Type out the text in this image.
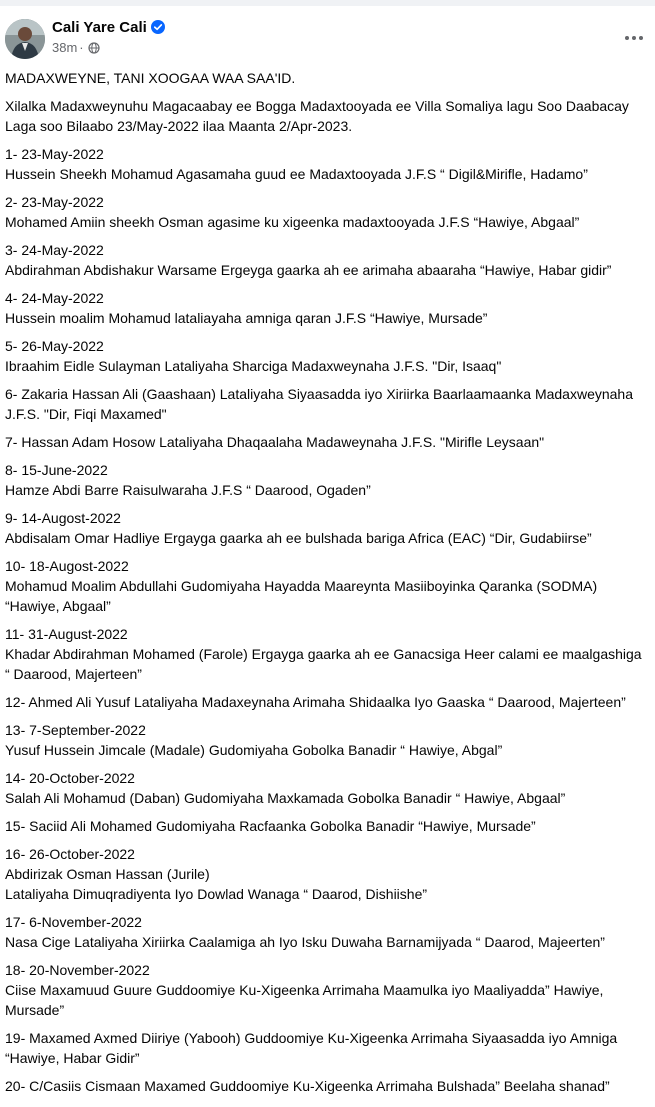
Cali Yare Cali
38m ·

MADAXWEYNE, TANI XOOGAA WAA SAA'ID.

Xilalka Madaxweynuhu Magacaabay ee Bogga Madaxtooyada ee Villa Somaliya lagu Soo Daabacay Laga soo Bilaabo 23/May-2022 ilaa Maanta 2/Apr-2023.

1- 23-May-2022
Hussein Sheekh Mohamud Agasamaha guud ee Madaxtooyada J.F.S “ Digil&Mirifle, Hadamo”

2- 23-May-2022
Mohamed Amiin sheekh Osman agasime ku xigeenka madaxtooyada J.F.S “Hawiye, Abgaal”

3- 24-May-2022
Abdirahman Abdishakur Warsame Ergeyga gaarka ah ee arimaha abaaraha “Hawiye, Habar gidir”

4- 24-May-2022
Hussein moalim Mohamud lataliayaha amniga qaran J.F.S “Hawiye, Mursade”

5- 26-May-2022
Ibraahim Eidle Sulayman Lataliyaha Sharciga Madaxweynaha J.F.S. "Dir, Isaaq"

6- Zakaria Hassan Ali (Gaashaan) Lataliyaha Siyaasadda iyo Xiriirka Baarlaamaanka Madaxweynaha J.F.S. "Dir, Fiqi Maxamed"

7- Hassan Adam Hosow Lataliyaha Dhaqaalaha Madaweynaha J.F.S. "Mirifle Leysaan"

8- 15-June-2022
Hamze Abdi Barre Raisulwaraha J.F.S “ Daarood, Ogaden”

9- 14-Augost-2022
Abdisalam Omar Hadliye Ergayga gaarka ah ee bulshada bariga Africa (EAC) “Dir, Gudabiirse”

10- 18-Augost-2022
Mohamud Moalim Abdullahi Gudomiyaha Hayadda Maareynta Masiiboyinka Qaranka (SODMA) “Hawiye, Abgaal”

11- 31-August-2022
Khadar Abdirahman Mohamed (Farole) Ergayga gaarka ah ee Ganacsiga Heer calami ee maalgashiga “ Daarood, Majerteen”

12- Ahmed Ali Yusuf Lataliyaha Madaxeynaha Arimaha Shidaalka Iyo Gaaska “ Daarood, Majerteen”

13- 7-September-2022
Yusuf Hussein Jimcale (Madale) Gudomiyaha Gobolka Banadir “ Hawiye, Abgal”

14- 20-October-2022
Salah Ali Mohamud (Daban) Gudomiyaha Maxkamada Gobolka Banadir “ Hawiye, Abgaal”

15- Saciid Ali Mohamed Gudomiyaha Racfaanka Gobolka Banadir “Hawiye, Mursade”

16- 26-October-2022
Abdirizak Osman Hassan (Jurile)
Lataliyaha Dimuqradiyenta Iyo Dowlad Wanaga “ Daarod, Dishiishe”

17- 6-November-2022
Nasa Cige Lataliyaha Xiriirka Caalamiga ah Iyo Isku Duwaha Barnamijyada “ Daarod, Majeerten”

18- 20-November-2022
Ciise Maxamuud Guure Guddoomiye Ku-Xigeenka Arrimaha Maamulka iyo Maaliyadda” Hawiye, Mursade”

19- Maxamed Axmed Diiriye (Yabooh) Guddoomiye Ku-Xigeenka Arrimaha Siyaasadda iyo Amniga “Hawiye, Habar Gidir”

20- C/Casiis Cismaan Maxamed Guddoomiye Ku-Xigeenka Arrimaha Bulshada” Beelaha shanad”
